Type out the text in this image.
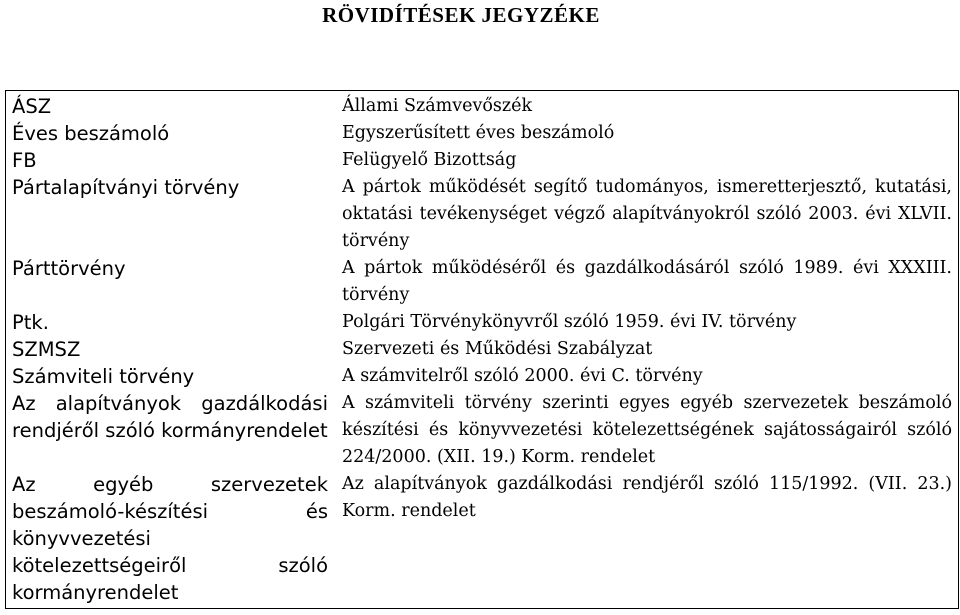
RÖVIDÍTÉSEK JEGYZÉKE
ÁSZ	Állami Számvevőszék
Éves beszámoló	Egyszerűsített éves beszámoló
FB	Felügyelő Bizottság
Pártalapítványi törvény	A pártok működését segítő tudományos, ismeretterjesztő, kutatási, oktatási tevékenységet végző alapítványokról szóló 2003. évi XLVII. törvény
Párttörvény	A pártok működéséről és gazdálkodásáról szóló 1989. évi XXXIII. törvény
Ptk.	Polgári Törvénykönyvről szóló 1959. évi IV. törvény
SZMSZ	Szervezeti és Működési Szabályzat
Számviteli törvény	A számvitelről szóló 2000. évi C. törvény
Az alapítványok gazdálkodási rendjéről szóló kormányrendelet	A számviteli törvény szerinti egyes egyéb szervezetek beszámoló készítési és könyvvezetési kötelezettségének sajátosságairól szóló 224/2000. (XII. 19.) Korm. rendelet
Az egyéb szervezetek beszámoló-készítési és könyvvezetési kötelezettségeiről szóló kormányrendelet	Az alapítványok gazdálkodási rendjéről szóló 115/1992. (VII. 23.) Korm. rendelet
